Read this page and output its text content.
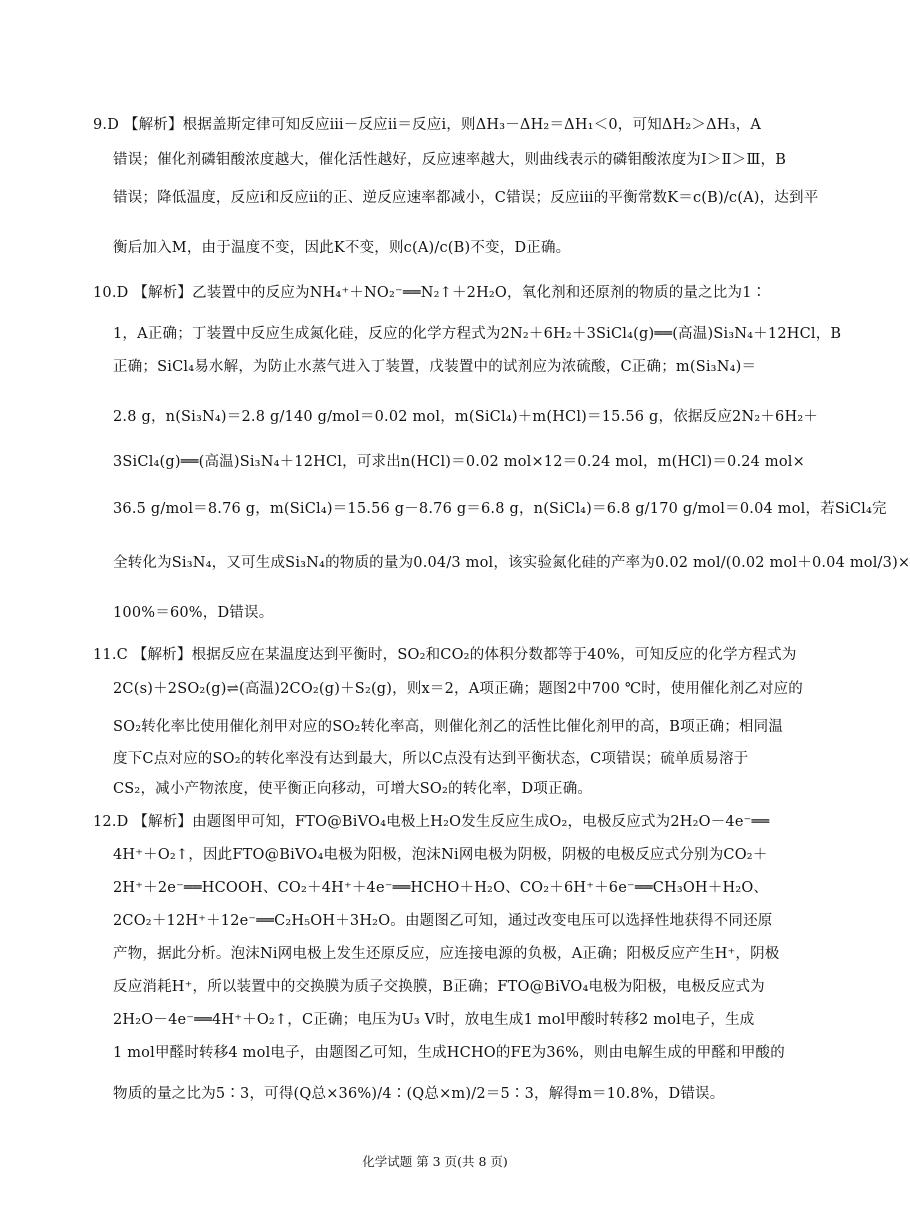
9.D 【解析】根据盖斯定律可知反应ⅲ－反应ⅱ＝反应ⅰ，则ΔH₃－ΔH₂＝ΔH₁＜0，可知ΔH₂＞ΔH₃，A
错误；催化剂磷钼酸浓度越大，催化活性越好，反应速率越大，则曲线表示的磷钼酸浓度为Ⅰ＞Ⅱ＞Ⅲ，B
错误；降低温度，反应ⅰ和反应ⅱ的正、逆反应速率都减小，C错误；反应ⅲ的平衡常数K＝c(B)/c(A)，达到平
衡后加入M，由于温度不变，因此K不变，则c(A)/c(B)不变，D正确。
10.D 【解析】乙装置中的反应为NH₄⁺＋NO₂⁻══N₂↑＋2H₂O，氧化剂和还原剂的物质的量之比为1∶
1，A正确；丁装置中反应生成氮化硅，反应的化学方程式为2N₂＋6H₂＋3SiCl₄(g)══(高温)Si₃N₄＋12HCl，B
正确；SiCl₄易水解，为防止水蒸气进入丁装置，戊装置中的试剂应为浓硫酸，C正确；m(Si₃N₄)＝
2.8 g，n(Si₃N₄)＝2.8 g/140 g/mol＝0.02 mol，m(SiCl₄)＋m(HCl)＝15.56 g，依据反应2N₂＋6H₂＋
3SiCl₄(g)══(高温)Si₃N₄＋12HCl，可求出n(HCl)＝0.02 mol×12＝0.24 mol，m(HCl)＝0.24 mol×
36.5 g/mol＝8.76 g，m(SiCl₄)＝15.56 g－8.76 g＝6.8 g，n(SiCl₄)＝6.8 g/170 g/mol＝0.04 mol，若SiCl₄完
全转化为Si₃N₄，又可生成Si₃N₄的物质的量为0.04/3 mol，该实验氮化硅的产率为0.02 mol/(0.02 mol＋0.04 mol/3)×
100%＝60%，D错误。
11.C 【解析】根据反应在某温度达到平衡时，SO₂和CO₂的体积分数都等于40%，可知反应的化学方程式为
2C(s)＋2SO₂(g)⇌(高温)2CO₂(g)＋S₂(g)，则x＝2，A项正确；题图2中700 ℃时，使用催化剂乙对应的
SO₂转化率比使用催化剂甲对应的SO₂转化率高，则催化剂乙的活性比催化剂甲的高，B项正确；相同温
度下C点对应的SO₂的转化率没有达到最大，所以C点没有达到平衡状态，C项错误；硫单质易溶于
CS₂，减小产物浓度，使平衡正向移动，可增大SO₂的转化率，D项正确。
12.D 【解析】由题图甲可知，FTO@BiVO₄电极上H₂O发生反应生成O₂，电极反应式为2H₂O－4e⁻══
4H⁺＋O₂↑，因此FTO@BiVO₄电极为阳极，泡沫Ni网电极为阴极，阴极的电极反应式分别为CO₂＋
2H⁺＋2e⁻══HCOOH、CO₂＋4H⁺＋4e⁻══HCHO＋H₂O、CO₂＋6H⁺＋6e⁻══CH₃OH＋H₂O、
2CO₂＋12H⁺＋12e⁻══C₂H₅OH＋3H₂O。由题图乙可知，通过改变电压可以选择性地获得不同还原
产物，据此分析。泡沫Ni网电极上发生还原反应，应连接电源的负极，A正确；阳极反应产生H⁺，阴极
反应消耗H⁺，所以装置中的交换膜为质子交换膜，B正确；FTO@BiVO₄电极为阳极，电极反应式为
2H₂O－4e⁻══4H⁺＋O₂↑，C正确；电压为U₃ V时，放电生成1 mol甲酸时转移2 mol电子，生成
1 mol甲醛时转移4 mol电子，由题图乙可知，生成HCHO的FE为36%，则由电解生成的甲醛和甲酸的
物质的量之比为5∶3，可得(Q总×36%)/4∶(Q总×m)/2＝5∶3，解得m＝10.8%，D错误。
化学试题 第 3 页(共 8 页)
